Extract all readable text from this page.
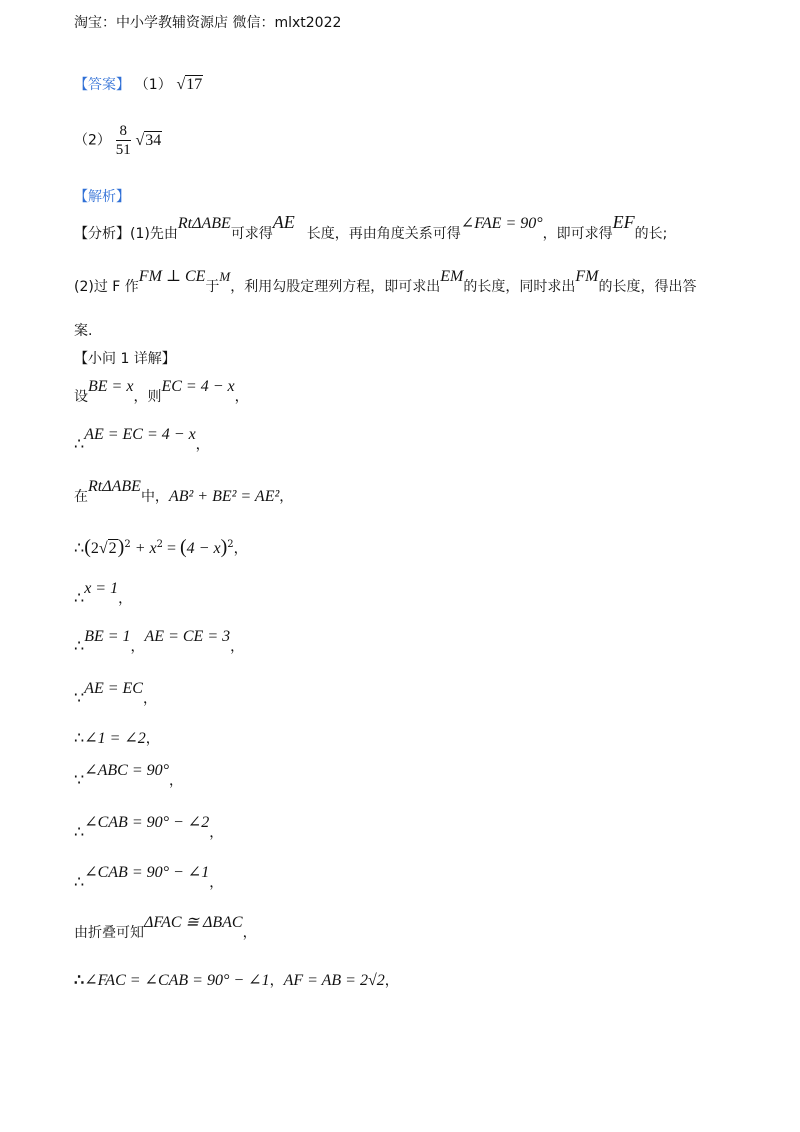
淘宝：中小学教辅资源店 微信：mlxt2022
【答案】 （1） √17
$(2) \frac{8}{51} √34$
【解析】
【分析】(1)先由RtΔABE可求得AE长度，再由角度关系可得∠FAE = 90°，即可求得EF的长;
(2)过 F 作FM ⊥ CE于M，利用勾股定理列方程，即可求出EM的长度，同时求出FM的长度，得出答
案.
【小问 1 详解】
设BE = x，则EC = 4 − x，
∴AE = EC = 4 − x，
在RtΔABE中，AB² + BE² = AE²，
$\therefore(2√2)^2 + x^2 = (4 - x)^2$，
∴x = 1，
∴BE = 1，AE = CE = 3，
∵AE = EC，
∴∠1 = ∠2，
∵∠ABC = 90°，
∴∠CAB = 90° − ∠2，
∴∠CAB = 90° − ∠1，
由折叠可知ΔFAC ≅ ΔBAC，
∴∠FAC = ∠CAB = 90° − ∠1，AF = AB = 2√2，
